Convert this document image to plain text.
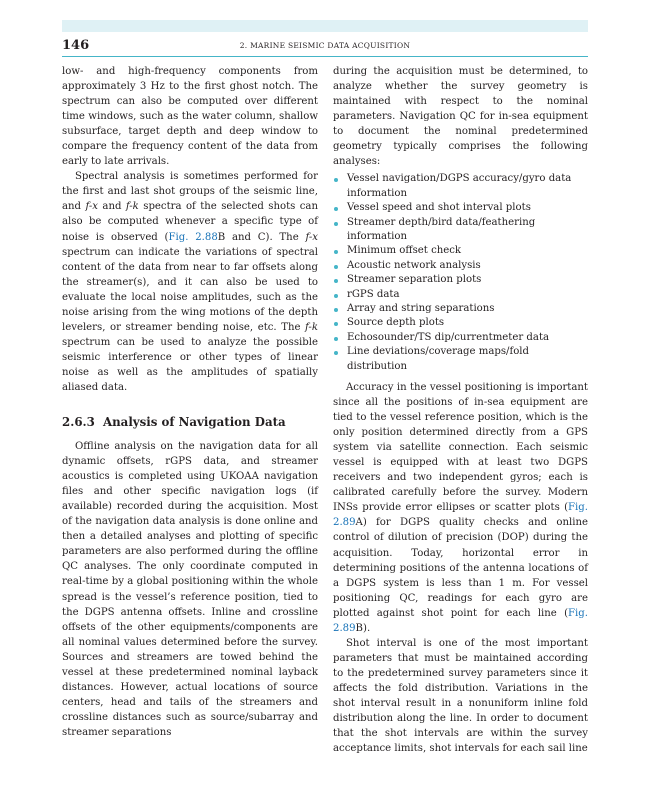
146	2. MARINE SEISMIC DATA ACQUISITION

low- and high-frequency components from approximately 3 Hz to the first ghost notch. The spectrum can also be computed over different time windows, such as the water column, shallow subsurface, target depth and deep window to compare the frequency content of the data from early to late arrivals.

Spectral analysis is sometimes performed for the first and last shot groups of the seismic line, and f-x and f-k spectra of the selected shots can also be computed whenever a specific type of noise is observed (Fig. 2.88B and C). The f-x spectrum can indicate the variations of spectral content of the data from near to far offsets along the streamer(s), and it can also be used to evaluate the local noise amplitudes, such as the noise arising from the wing motions of the depth levelers, or streamer bending noise, etc. The f-k spectrum can be used to analyze the possible seismic interference or other types of linear noise as well as the amplitudes of spatially aliased data.

2.6.3 Analysis of Navigation Data

Offline analysis on the navigation data for all dynamic offsets, rGPS data, and streamer acoustics is completed using UKOAA navigation files and other specific navigation logs (if available) recorded during the acquisition. Most of the navigation data analysis is done online and then a detailed analyses and plotting of specific parameters are also performed during the offline QC analyses. The only coordinate computed in real-time by a global positioning within the whole spread is the vessel’s reference position, tied to the DGPS antenna offsets. Inline and crossline offsets of the other equipments/components are all nominal values determined before the survey. Sources and streamers are towed behind the vessel at these predetermined nominal layback distances. However, actual locations of source centers, head and tails of the streamers and crossline distances such as source/subarray and streamer separations

during the acquisition must be determined, to analyze whether the survey geometry is maintained with respect to the nominal parameters. Navigation QC for in-sea equipment to document the nominal predetermined geometry typically comprises the following analyses:

Vessel navigation/DGPS accuracy/gyro data information
Vessel speed and shot interval plots
Streamer depth/bird data/feathering information
Minimum offset check
Acoustic network analysis
Streamer separation plots
rGPS data
Array and string separations
Source depth plots
Echosounder/TS dip/currentmeter data
Line deviations/coverage maps/fold distribution

Accuracy in the vessel positioning is important since all the positions of in-sea equipment are tied to the vessel reference position, which is the only position determined directly from a GPS system via satellite connection. Each seismic vessel is equipped with at least two DGPS receivers and two independent gyros; each is calibrated carefully before the survey. Modern INSs provide error ellipses or scatter plots (Fig. 2.89A) for DGPS quality checks and online control of dilution of precision (DOP) during the acquisition. Today, horizontal error in determining positions of the antenna locations of a DGPS system is less than 1 m. For vessel positioning QC, readings for each gyro are plotted against shot point for each line (Fig. 2.89B).

Shot interval is one of the most important parameters that must be maintained according to the predetermined survey parameters since it affects the fold distribution. Variations in the shot interval result in a nonuniform inline fold distribution along the line. In order to document that the shot intervals are within the survey acceptance limits, shot intervals for each sail line
